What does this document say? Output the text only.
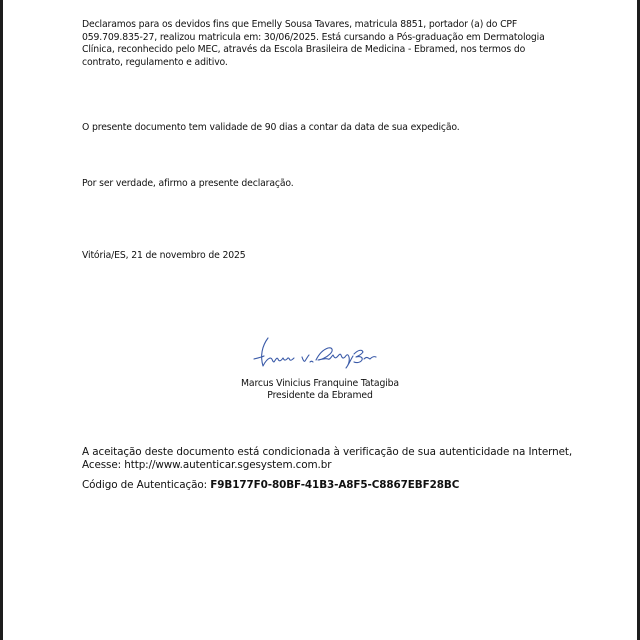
Declaramos para os devidos fins que Emelly Sousa Tavares, matricula 8851, portador (a) do CPF 059.709.835-27, realizou matricula em: 30/06/2025. Está cursando a Pós-graduação em Dermatologia Clínica, reconhecido pelo MEC, através da Escola Brasileira de Medicina - Ebramed, nos termos do contrato, regulamento e aditivo.
O presente documento tem validade de 90 dias a contar da data de sua expedição.
Por ser verdade, afirmo a presente declaração.
Vitória/ES, 21 de novembro de 2025
Marcus Vinicius Franquine Tatagiba
Presidente da Ebramed
A aceitação deste documento está condicionada à verificação de sua autenticidade na Internet,
Acesse: http://www.autenticar.sgesystem.com.br
Código de Autenticação: F9B177F0-80BF-41B3-A8F5-C8867EBF28BC
